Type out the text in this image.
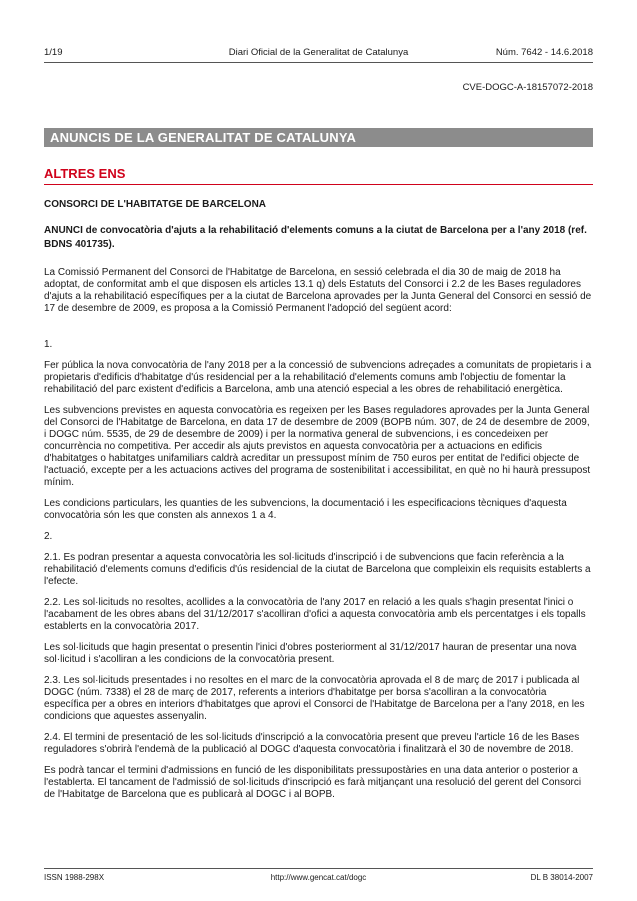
Diari Oficial de la Generalitat de Catalunya
1/19	Núm. 7642 - 14.6.2018
CVE-DOGC-A-18157072-2018
ANUNCIS DE LA GENERALITAT DE CATALUNYA
ALTRES ENS
CONSORCI DE L'HABITATGE DE BARCELONA
ANUNCI de convocatòria d'ajuts a la rehabilitació d'elements comuns a la ciutat de Barcelona per a l'any 2018 (ref. BDNS 401735).

La Comissió Permanent del Consorci de l'Habitatge de Barcelona, en sessió celebrada el dia 30 de maig de 2018 ha adoptat, de conformitat amb el que disposen els articles 13.1 q) dels Estatuts del Consorci i 2.2 de les Bases reguladores d'ajuts a la rehabilitació específiques per a la ciutat de Barcelona aprovades per la Junta General del Consorci en sessió de 17 de desembre de 2009, es proposa a la Comissió Permanent l'adopció del següent acord:

1.

Fer pública la nova convocatòria de l'any 2018 per a la concessió de subvencions adreçades a comunitats de propietaris i a propietaris d'edificis d'habitatge d'ús residencial per a la rehabilitació d'elements comuns amb l'objectiu de fomentar la rehabilitació del parc existent d'edificis a Barcelona, amb una atenció especial a les obres de rehabilitació energètica.

Les subvencions previstes en aquesta convocatòria es regeixen per les Bases reguladores aprovades per la Junta General del Consorci de l'Habitatge de Barcelona, en data 17 de desembre de 2009 (BOPB núm. 307, de 24 de desembre de 2009, i DOGC núm. 5535, de 29 de desembre de 2009) i per la normativa general de subvencions, i es concedeixen per concurrència no competitiva. Per accedir als ajuts previstos en aquesta convocatòria per a actuacions en edificis d'habitatges o habitatges unifamiliars caldrà acreditar un pressupost mínim de 750 euros per entitat de l'edifici objecte de l'actuació, excepte per a les actuacions actives del programa de sostenibilitat i accessibilitat, en què no hi haurà pressupost mínim.

Les condicions particulars, les quanties de les subvencions, la documentació i les especificacions tècniques d'aquesta convocatòria són les que consten als annexos 1 a 4.

2.

2.1. Es podran presentar a aquesta convocatòria les sol·licituds d'inscripció i de subvencions que facin referència a la rehabilitació d'elements comuns d'edificis d'ús residencial de la ciutat de Barcelona que compleixin els requisits establerts a l'efecte.

2.2. Les sol·licituds no resoltes, acollides a la convocatòria de l'any 2017 en relació a les quals s'hagin presentat l'inici o l'acabament de les obres abans del 31/12/2017 s'acolliran d'ofici a aquesta convocatòria amb els percentatges i els topalls establerts en la convocatòria 2017.

Les sol·licituds que hagin presentat o presentin l'inici d'obres posteriorment al 31/12/2017 hauran de presentar una nova sol·licitud i s'acolliran a les condicions de la convocatòria present.

2.3. Les sol·licituds presentades i no resoltes en el marc de la convocatòria aprovada el 8 de març de 2017 i publicada al DOGC (núm. 7338) el 28 de març de 2017, referents a interiors d'habitatge per borsa s'acolliran a la convocatòria específica per a obres en interiors d'habitatges que aprovi el Consorci de l'Habitatge de Barcelona per a l'any 2018, en les condicions que aquestes assenyalin.

2.4. El termini de presentació de les sol·licituds d'inscripció a la convocatòria present que preveu l'article 16 de les Bases reguladores s'obrirà l'endemà de la publicació al DOGC d'aquesta convocatòria i finalitzarà el 30 de novembre de 2018.

Es podrà tancar el termini d'admissions en funció de les disponibilitats pressupostàries en una data anterior o posterior a l'establerta. El tancament de l'admissió de sol·licituds d'inscripció es farà mitjançant una resolució del gerent del Consorci de l'Habitatge de Barcelona que es publicarà al DOGC i al BOPB.

http://www.gencat.cat/dogc
ISSN 1988-298X	DL B 38014-2007
